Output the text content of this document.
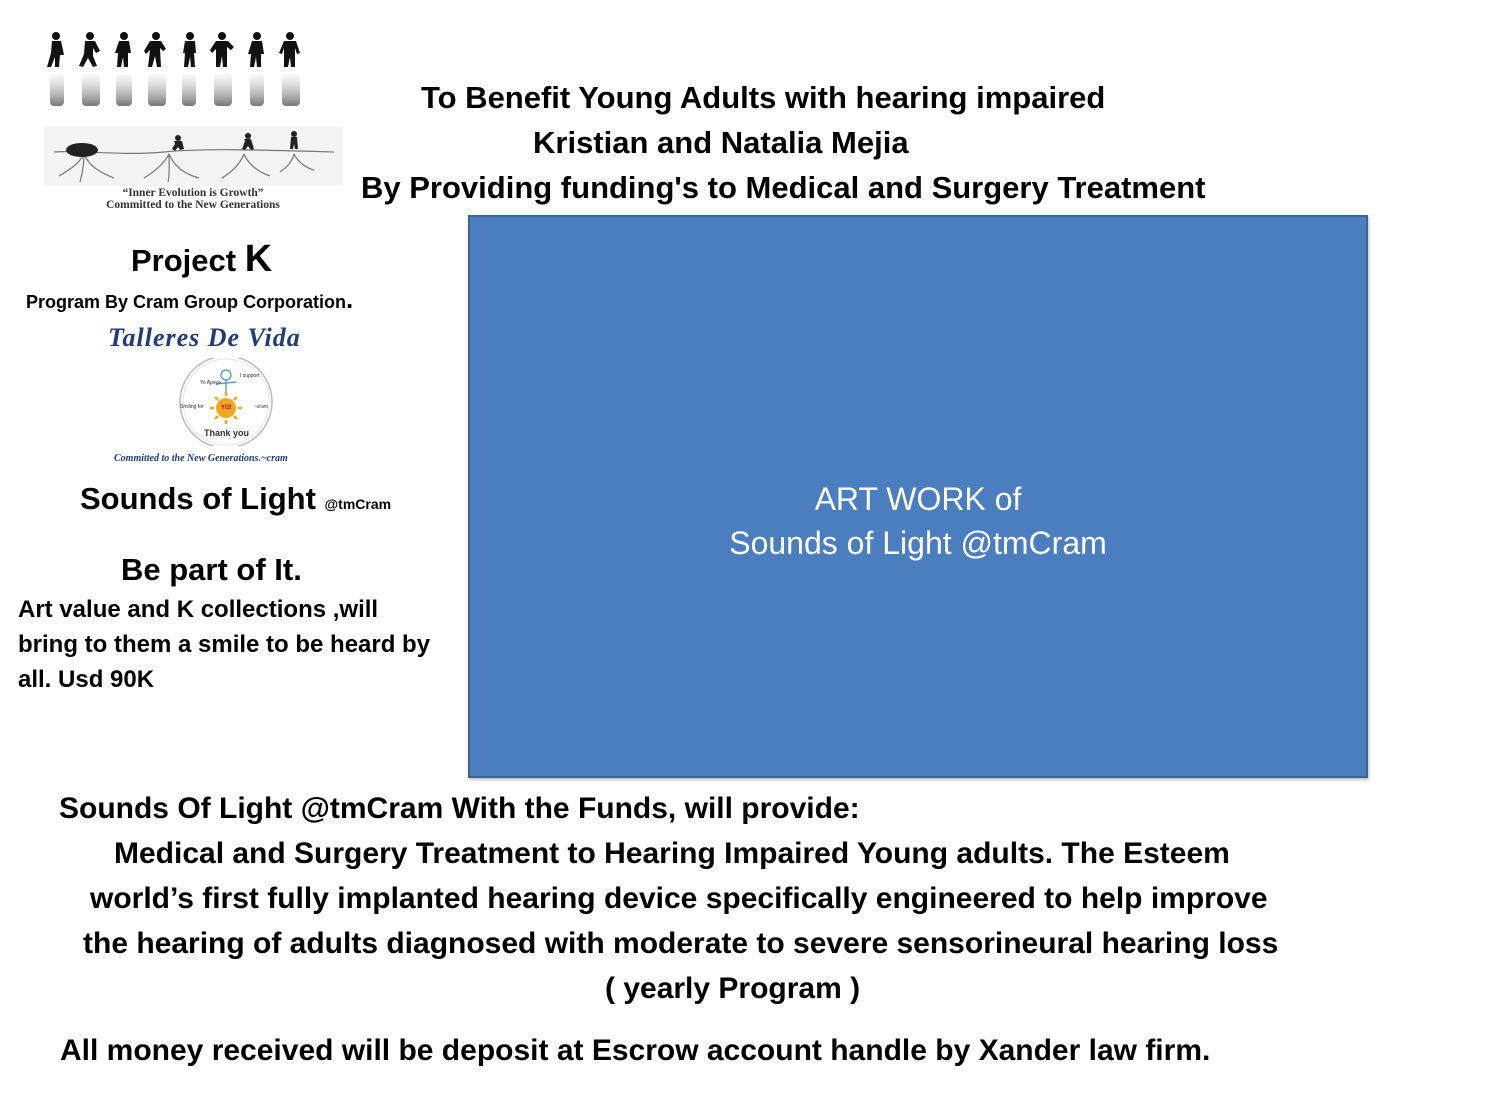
“Inner Evolution is Growth”
Committed to the New Generations
To Benefit Young Adults with hearing impaired
Kristian and Natalia Mejia
By Providing funding's to Medical and Surgery Treatment
Project K
Program By Cram Group Corporation.
Talleres De Vida
Yo Apoyo
I support
Smiling for	YO!	~cram
Thank you
Committed to the New Generations.~cram
Sounds of Light @tmCram
Be part of It.
Art value and K collections ,will
bring to them a smile to be heard by
all. Usd 90K
ART WORK of
Sounds of Light @tmCram
Sounds Of Light @tmCram With the Funds, will provide:
Medical and Surgery Treatment to Hearing Impaired Young adults. The Esteem
world’s first fully implanted hearing device specifically engineered to help improve
the hearing of adults diagnosed with moderate to severe sensorineural hearing loss
( yearly Program )
All money received will be deposit at Escrow account handle by Xander law firm.
